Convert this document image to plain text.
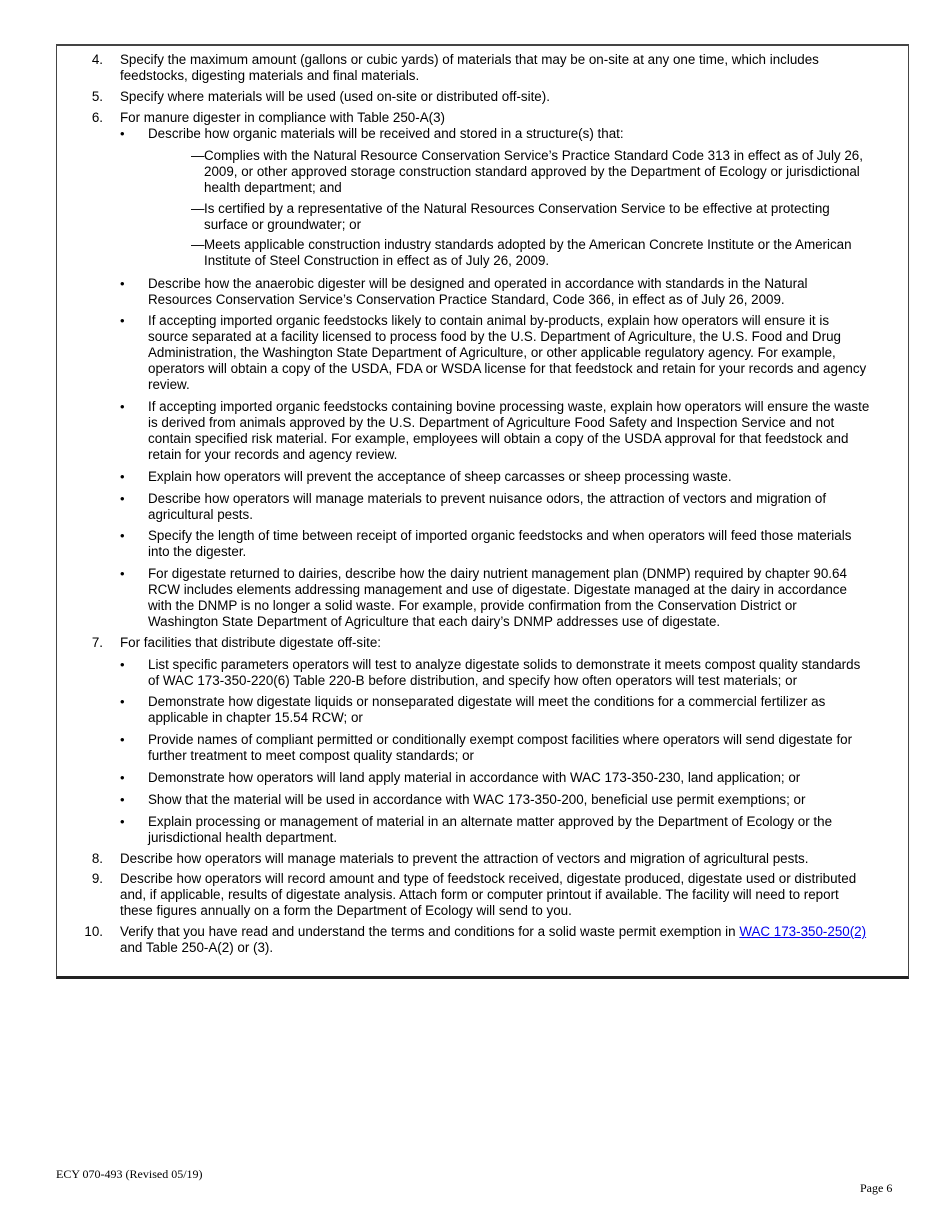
4. Specify the maximum amount (gallons or cubic yards) of materials that may be on-site at any one time, which includes
feedstocks, digesting materials and final materials.
5. Specify where materials will be used (used on-site or distributed off-site).
6. For manure digester in compliance with Table 250-A(3)
• Describe how organic materials will be received and stored in a structure(s) that:
— Complies with the Natural Resource Conservation Service’s Practice Standard Code 313 in effect as of July 26,
2009, or other approved storage construction standard approved by the Department of Ecology or jurisdictional
health department; and
— Is certified by a representative of the Natural Resources Conservation Service to be effective at protecting
surface or groundwater; or
— Meets applicable construction industry standards adopted by the American Concrete Institute or the American
Institute of Steel Construction in effect as of July 26, 2009.
• Describe how the anaerobic digester will be designed and operated in accordance with standards in the Natural
Resources Conservation Service’s Conservation Practice Standard, Code 366, in effect as of July 26, 2009.
• If accepting imported organic feedstocks likely to contain animal by-products, explain how operators will ensure it is
source separated at a facility licensed to process food by the U.S. Department of Agriculture, the U.S. Food and Drug
Administration, the Washington State Department of Agriculture, or other applicable regulatory agency. For example,
operators will obtain a copy of the USDA, FDA or WSDA license for that feedstock and retain for your records and agency
review.
• If accepting imported organic feedstocks containing bovine processing waste, explain how operators will ensure the waste
is derived from animals approved by the U.S. Department of Agriculture Food Safety and Inspection Service and not
contain specified risk material. For example, employees will obtain a copy of the USDA approval for that feedstock and
retain for your records and agency review.
• Explain how operators will prevent the acceptance of sheep carcasses or sheep processing waste.
• Describe how operators will manage materials to prevent nuisance odors, the attraction of vectors and migration of
agricultural pests.
• Specify the length of time between receipt of imported organic feedstocks and when operators will feed those materials
into the digester.
• For digestate returned to dairies, describe how the dairy nutrient management plan (DNMP) required by chapter 90.64
RCW includes elements addressing management and use of digestate. Digestate managed at the dairy in accordance
with the DNMP is no longer a solid waste. For example, provide confirmation from the Conservation District or
Washington State Department of Agriculture that each dairy’s DNMP addresses use of digestate.
7. For facilities that distribute digestate off-site:
• List specific parameters operators will test to analyze digestate solids to demonstrate it meets compost quality standards
of WAC 173-350-220(6) Table 220-B before distribution, and specify how often operators will test materials; or
• Demonstrate how digestate liquids or nonseparated digestate will meet the conditions for a commercial fertilizer as
applicable in chapter 15.54 RCW; or
• Provide names of compliant permitted or conditionally exempt compost facilities where operators will send digestate for
further treatment to meet compost quality standards; or
• Demonstrate how operators will land apply material in accordance with WAC 173-350-230, land application; or
• Show that the material will be used in accordance with WAC 173-350-200, beneficial use permit exemptions; or
• Explain processing or management of material in an alternate matter approved by the Department of Ecology or the
jurisdictional health department.
8. Describe how operators will manage materials to prevent the attraction of vectors and migration of agricultural pests.
9. Describe how operators will record amount and type of feedstock received, digestate produced, digestate used or distributed
and, if applicable, results of digestate analysis. Attach form or computer printout if available. The facility will need to report
these figures annually on a form the Department of Ecology will send to you.
10. Verify that you have read and understand the terms and conditions for a solid waste permit exemption in WAC 173-350-250(2)
and Table 250-A(2) or (3).
ECY 070-493 (Revised 05/19)
Page 6
